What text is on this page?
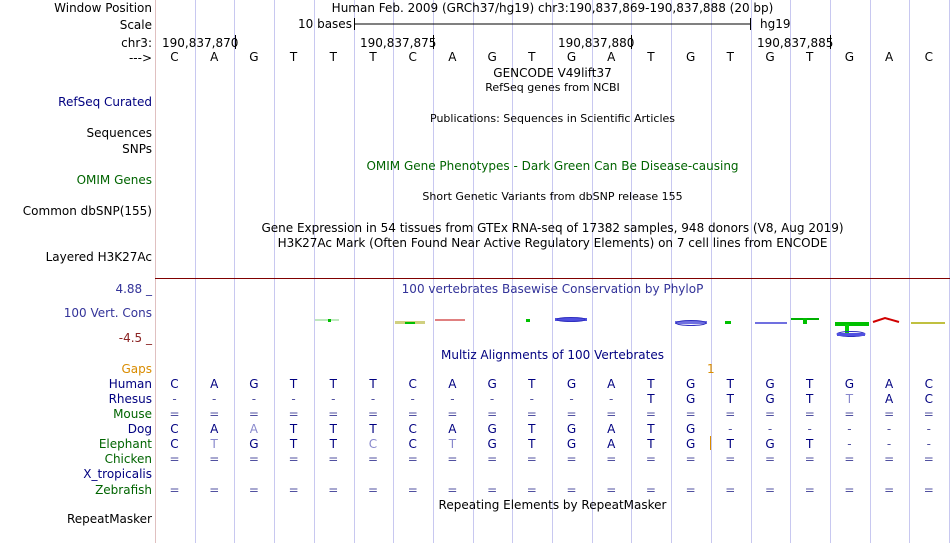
Window Position
Scale
chr3:
--->
Human Feb. 2009 (GRCh37/hg19) chr3:190,837,869-190,837,888 (20 bp)
10 bases	hg19
190,837,870	190,837,875	190,837,880	190,837,885
C	A	G	T	T	T	C	A	G	T	G	A	T	G	T	G	T	G	A	C
GENCODE V49lift37
RefSeq genes from NCBI
Publications: Sequences in Scientific Articles
OMIM Gene Phenotypes - Dark Green Can Be Disease-causing
Short Genetic Variants from dbSNP release 155
Gene Expression in 54 tissues from GTEx RNA-seq of 17382 samples, 948 donors (V8, Aug 2019)
H3K27Ac Mark (Often Found Near Active Regulatory Elements) on 7 cell lines from ENCODE
100 vertebrates Basewise Conservation by PhyloP
Multiz Alignments of 100 Vertebrates
Repeating Elements by RepeatMasker
RefSeq Curated
Sequences
SNPs
OMIM Genes
Common dbSNP(155)
Layered H3K27Ac
4.88 _
100 Vert. Cons
-4.5 _
Gaps	1
Human C	A	G	T	T	T	C	A	G	T	G	A	T	G	T	G	T	G	A	C
Rhesus -	-	-	-	-	-	-	-	-	-	-	-	T	G	T	G	T	T	A	C
Mouse = = = = = = = = = = = = = = = = = = = =
Dog C	A	A	T	T	T	C	A	G	T	G	A	T	G	-	-	-	-	-	-
Elephant C	T	G	T	T	C	C	T	G	T	G	A	T	G	T	G	T	-	-	-
Chicken = = = = = = = = = = = = = = = = = = = =
X_tropicalis
Zebrafish = = = = = = = = = = = = = = = = = = = =
RepeatMasker
